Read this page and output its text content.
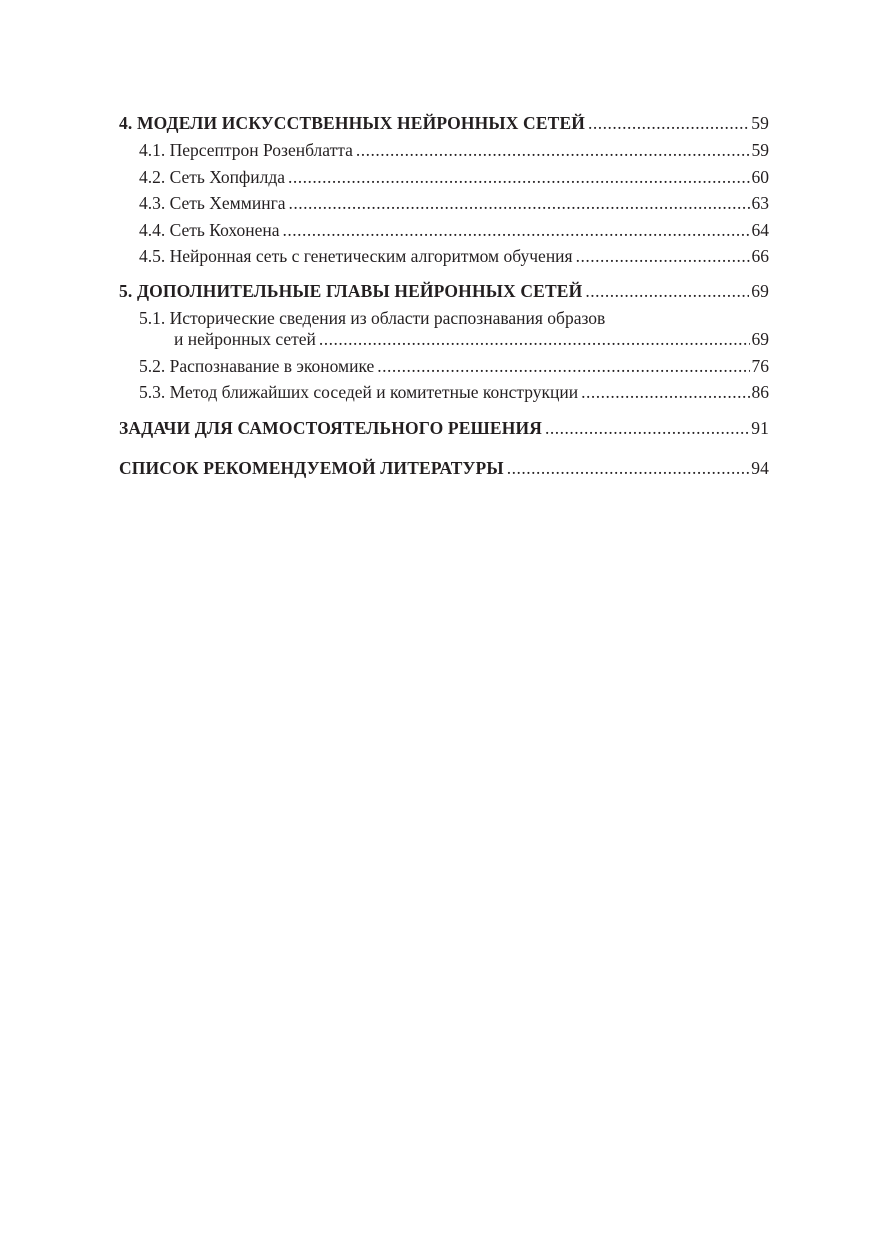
4. МОДЕЛИ ИСКУССТВЕННЫХ НЕЙРОННЫХ СЕТЕЙ .....	59
4.1. Персептрон Розенблатта .....	59
4.2. Сеть Хопфилда .....	60
4.3. Сеть Хемминга .....	63
4.4. Сеть Кохонена .....	64
4.5. Нейронная сеть с генетическим алгоритмом обучения .....	66
5. ДОПОЛНИТЕЛЬНЫЕ ГЛАВЫ НЕЙРОННЫХ СЕТЕЙ .....	69
5.1. Исторические сведения из области распознавания образов
и нейронных сетей .....	69
5.2. Распознавание в экономике .....	76
5.3. Метод ближайших соседей и комитетные конструкции .....	86
ЗАДАЧИ ДЛЯ САМОСТОЯТЕЛЬНОГО РЕШЕНИЯ .....	91
СПИСОК РЕКОМЕНДУЕМОЙ ЛИТЕРАТУРЫ .....	94
